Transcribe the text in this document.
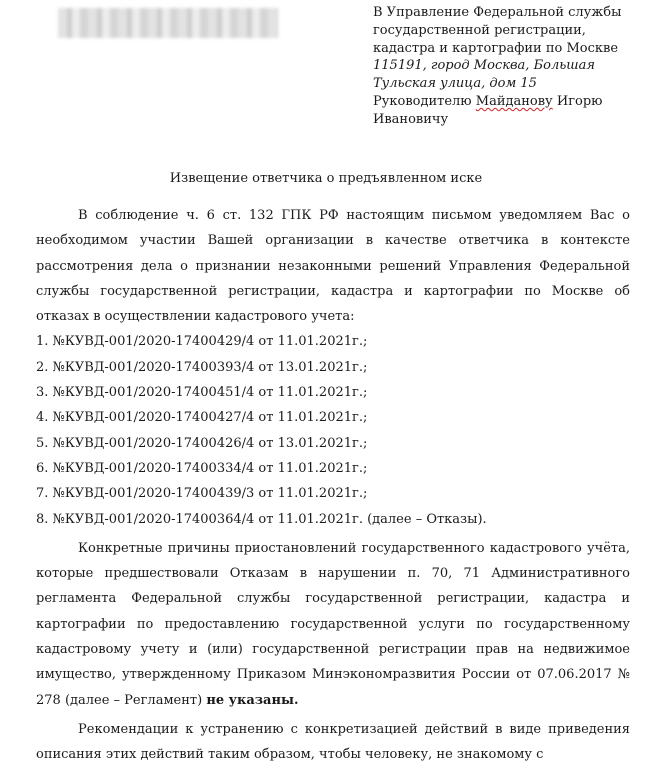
В Управление Федеральной службы
государственной регистрации,
кадастра и картографии по Москве
115191, город Москва, Большая
Тульская улица, дом 15
Руководителю Майданову Игорю
Ивановичу
Извещение ответчика о предъявленном иске

В соблюдение ч. 6 ст. 132 ГПК РФ настоящим письмом уведомляем Вас о необходимом участии Вашей организации в качестве ответчика в контексте рассмотрения дела о признании незаконными решений Управления Федеральной службы государственной регистрации, кадастра и картографии по Москве об отказах в осуществлении кадастрового учета:

1. №КУВД-001/2020-17400429/4 от 11.01.2021г.;
2. №КУВД-001/2020-17400393/4 от 13.01.2021г.;
3. №КУВД-001/2020-17400451/4 от 11.01.2021г.;
4. №КУВД-001/2020-17400427/4 от 11.01.2021г.;
5. №КУВД-001/2020-17400426/4 от 13.01.2021г.;
6. №КУВД-001/2020-17400334/4 от 11.01.2021г.;
7. №КУВД-001/2020-17400439/3 от 11.01.2021г.;
8. №КУВД-001/2020-17400364/4 от 11.01.2021г. (далее – Отказы).

Конкретные причины приостановлений государственного кадастрового учёта, которые предшествовали Отказам в нарушении п. 70, 71 Административного регламента Федеральной службы государственной регистрации, кадастра и картографии по предоставлению государственной услуги по государственному кадастровому учету и (или) государственной регистрации прав на недвижимое имущество, утвержденному Приказом Минэкономразвития России от 07.06.2017 № 278 (далее – Регламент) не указаны.

Рекомендации к устранению с конкретизацией действий в виде приведения описания этих действий таким образом, чтобы человеку, не знакомому с
